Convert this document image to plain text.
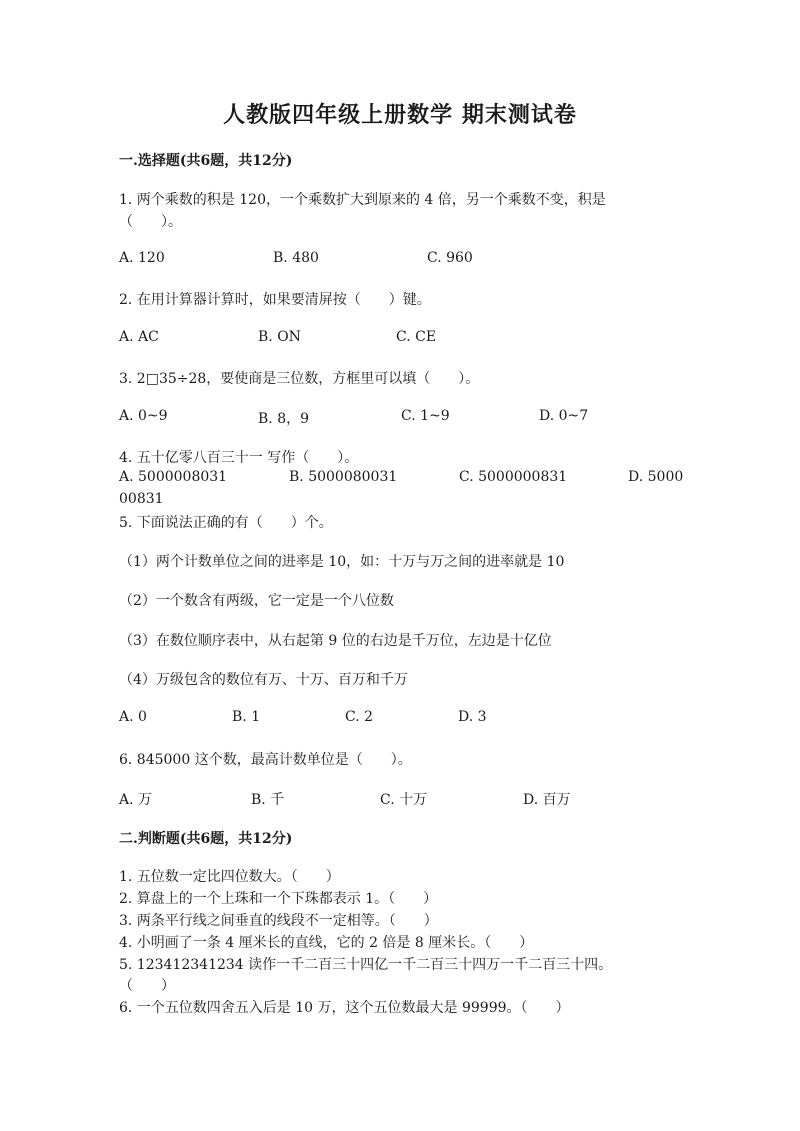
人教版四年级上册数学 期末测试卷
一.选择题(共6题，共12分)
1. 两个乘数的积是 120，一个乘数扩大到原来的 4 倍，另一个乘数不变，积是
（　　）。
A. 120	B. 480	C. 960
2. 在用计算器计算时，如果要清屏按（　　）键。
A. AC	B. ON	C. CE
3. 2□35÷28，要使商是三位数，方框里可以填（　　）。
A. 0~9	B. 8，9	C. 1~9	D. 0~7
4. 五十亿零八百三十一 写作（　　）。
A. 5000008031	B. 5000080031	C. 5000000831	D. 5000
00831
5. 下面说法正确的有（　　）个。
（1）两个计数单位之间的进率是 10，如：十万与万之间的进率就是 10
（2）一个数含有两级，它一定是一个八位数
（3）在数位顺序表中，从右起第 9 位的右边是千万位，左边是十亿位
（4）万级包含的数位有万、十万、百万和千万
A. 0	B. 1	C. 2	D. 3
6. 845000 这个数，最高计数单位是（　　）。
A. 万	B. 千	C. 十万	D. 百万
二.判断题(共6题，共12分)
1. 五位数一定比四位数大。（　　）
2. 算盘上的一个上珠和一个下珠都表示 1。（　　）
3. 两条平行线之间垂直的线段不一定相等。（　　）
4. 小明画了一条 4 厘米长的直线，它的 2 倍是 8 厘米长。（　　）
5. 123412341234 读作一千二百三十四亿一千二百三十四万一千二百三十四。
（　　）
6. 一个五位数四舍五入后是 10 万，这个五位数最大是 99999。（　　）
